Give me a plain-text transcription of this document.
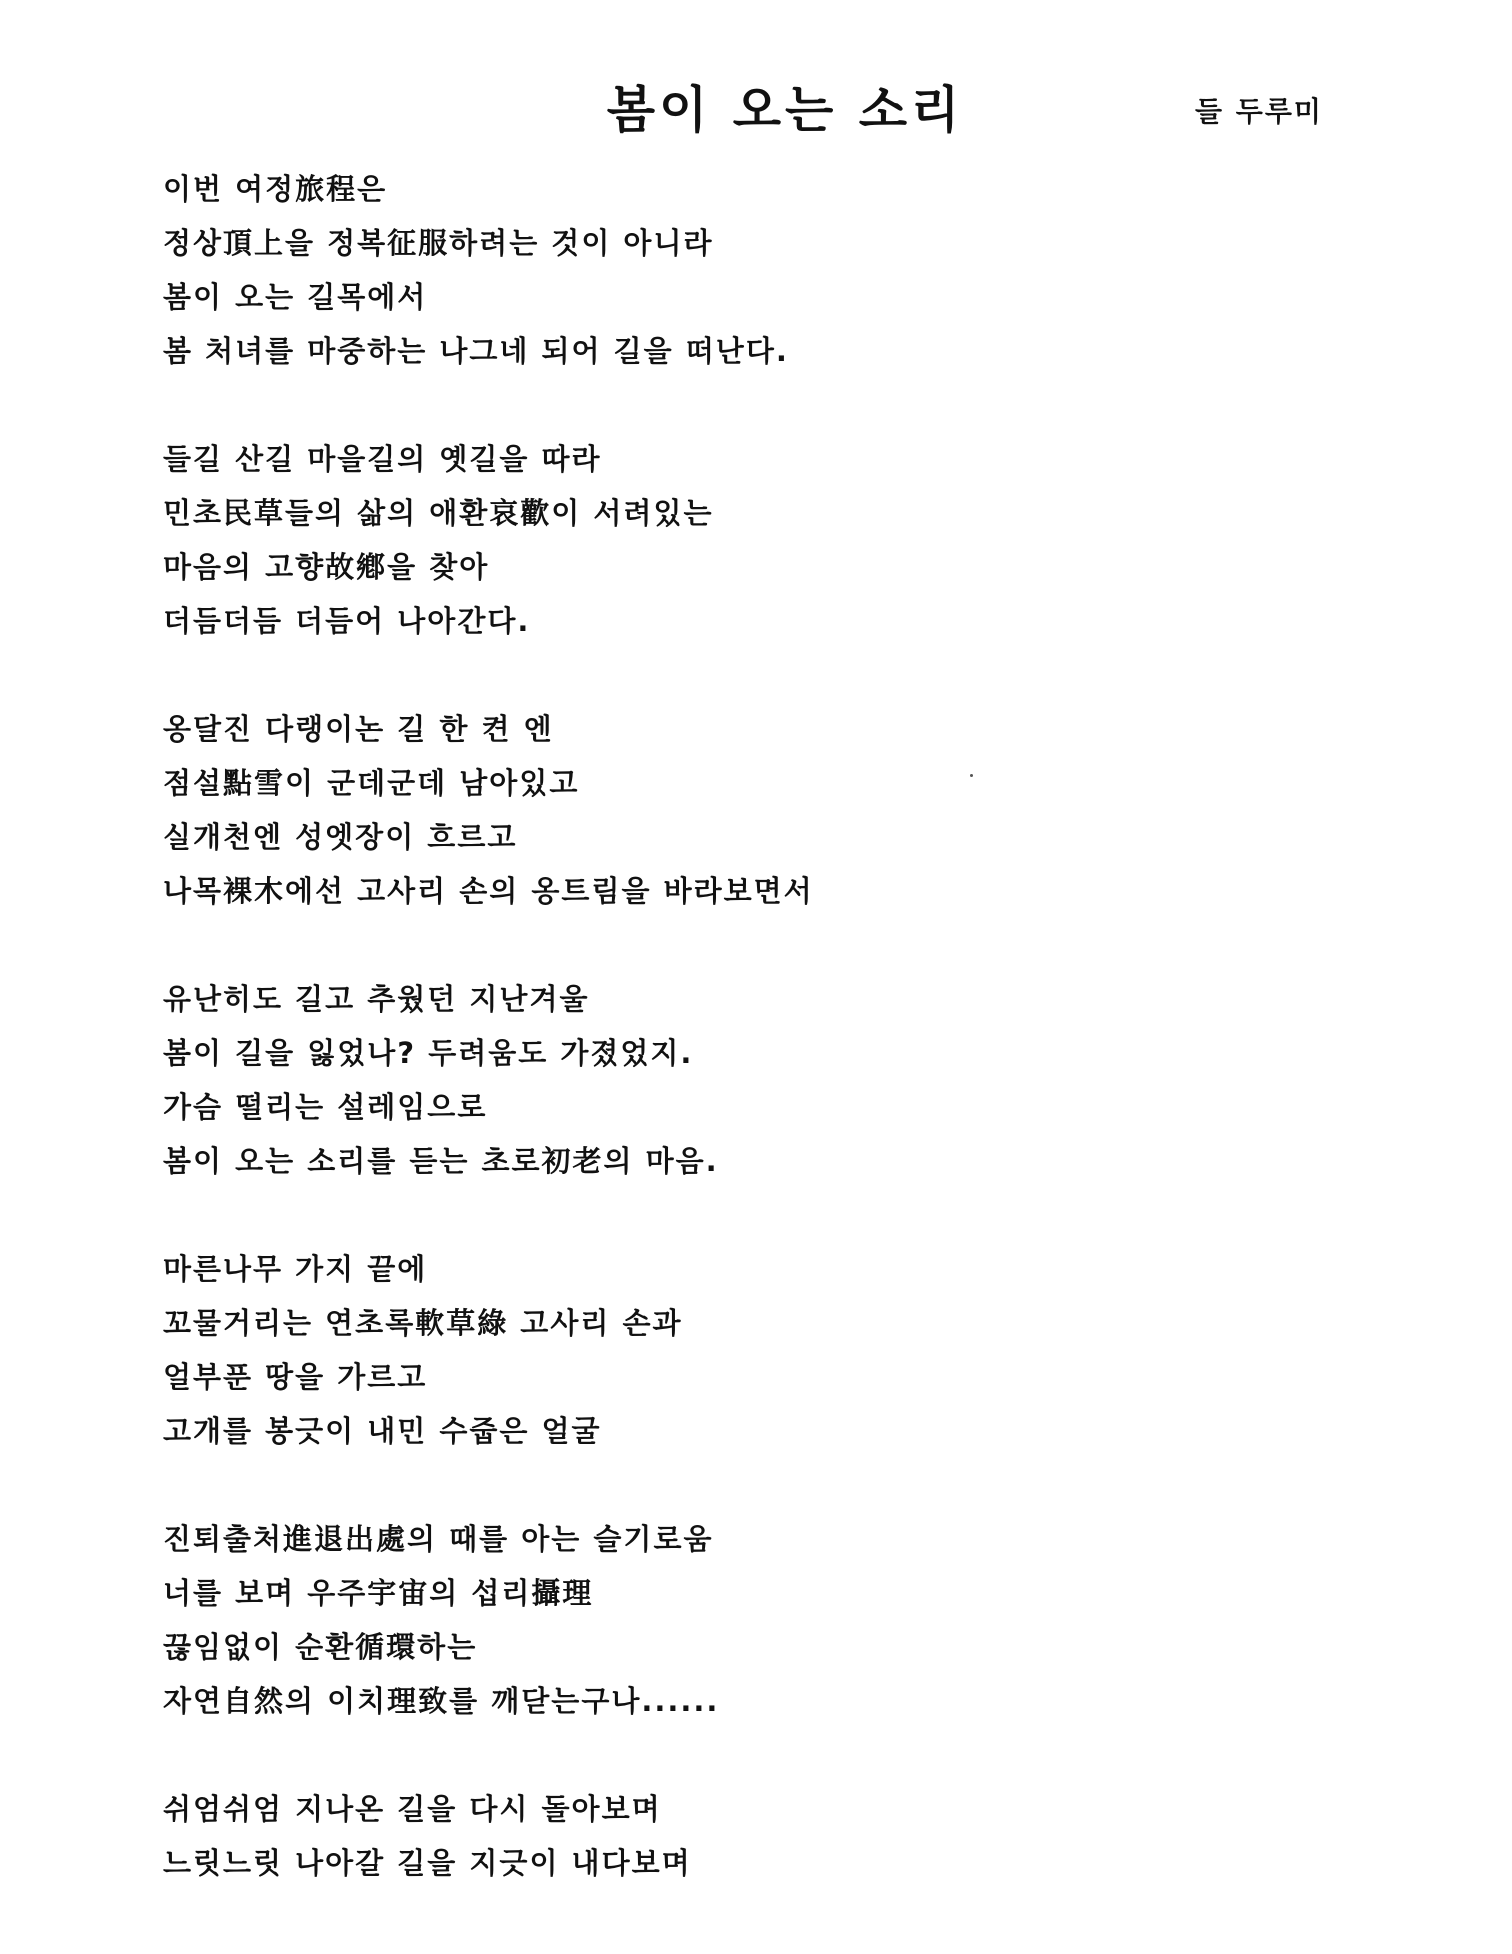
봄이 오는 소리	들 두루미
이번 여정旅程은
정상頂上을 정복征服하려는 것이 아니라
봄이 오는 길목에서
봄 처녀를 마중하는 나그네 되어 길을 떠난다.
들길 산길 마을길의 옛길을 따라
민초民草들의 삶의 애환哀歡이 서려있는
마음의 고향故鄕을 찾아
더듬더듬 더듬어 나아간다.
옹달진 다랭이논 길 한 켠 엔
점설點雪이 군데군데 남아있고
실개천엔 성엣장이 흐르고
나목裸木에선 고사리 손의 옹트림을 바라보면서
유난히도 길고 추웠던 지난겨울
봄이 길을 잃었나? 두려움도 가졌었지.
가슴 떨리는 설레임으로
봄이 오는 소리를 듣는 초로初老의 마음.
마른나무 가지 끝에
꼬물거리는 연초록軟草綠 고사리 손과
얼부푼 땅을 가르고
고개를 봉긋이 내민 수줍은 얼굴
진퇴출처進退出處의 때를 아는 슬기로움
너를 보며 우주宇宙의 섭리攝理
끊임없이 순환循環하는
자연自然의 이치理致를 깨닫는구나......
쉬엄쉬엄 지나온 길을 다시 돌아보며
느릿느릿 나아갈 길을 지긋이 내다보며
